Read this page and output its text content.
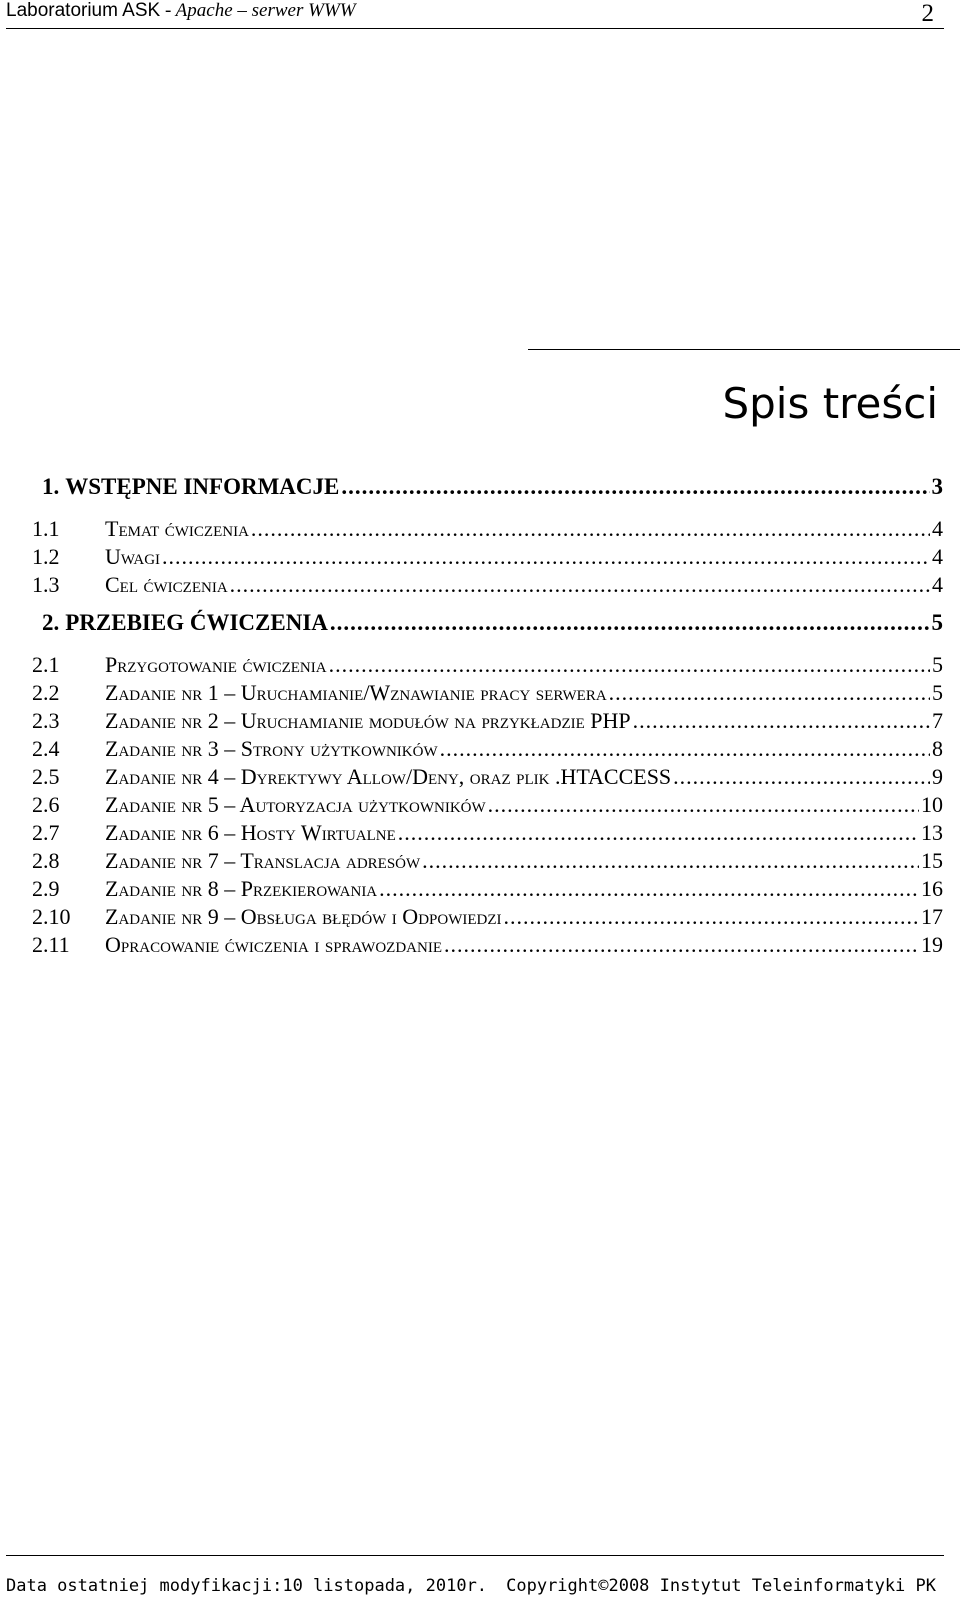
Laboratorium ASK - Apache – serwer WWW	2
Spis treści
1. WSTĘPNE INFORMACJE .....	3
1.1	Temat ćwiczenia .....	4
1.2	Uwagi .....	4
1.3	Cel ćwiczenia .....	4
2. PRZEBIEG ĆWICZENIA .....	5
2.1	Przygotowanie ćwiczenia .....	5
2.2	Zadanie nr 1 – Uruchamianie/Wznawianie pracy serwera .....	5
2.3	Zadanie nr 2 – Uruchamianie modułów na przykładzie PHP .....	7
2.4	Zadanie nr 3 – Strony użytkowników .....	8
2.5	Zadanie nr 4 – Dyrektywy Allow/Deny, oraz plik .HTACCESS .....	9
2.6	Zadanie nr 5 – Autoryzacja użytkowników .....	10
2.7	Zadanie nr 6 – Hosty Wirtualne .....	13
2.8	Zadanie nr 7 – Translacja adresów .....	15
2.9	Zadanie nr 8 – Przekierowania .....	16
2.10	Zadanie nr 9 – Obsługa błędów i Odpowiedzi .....	17
2.11	Opracowanie ćwiczenia i sprawozdanie .....	19
Data ostatniej modyfikacji:10 listopada, 2010r. Copyright©2008 Instytut Teleinformatyki PK
